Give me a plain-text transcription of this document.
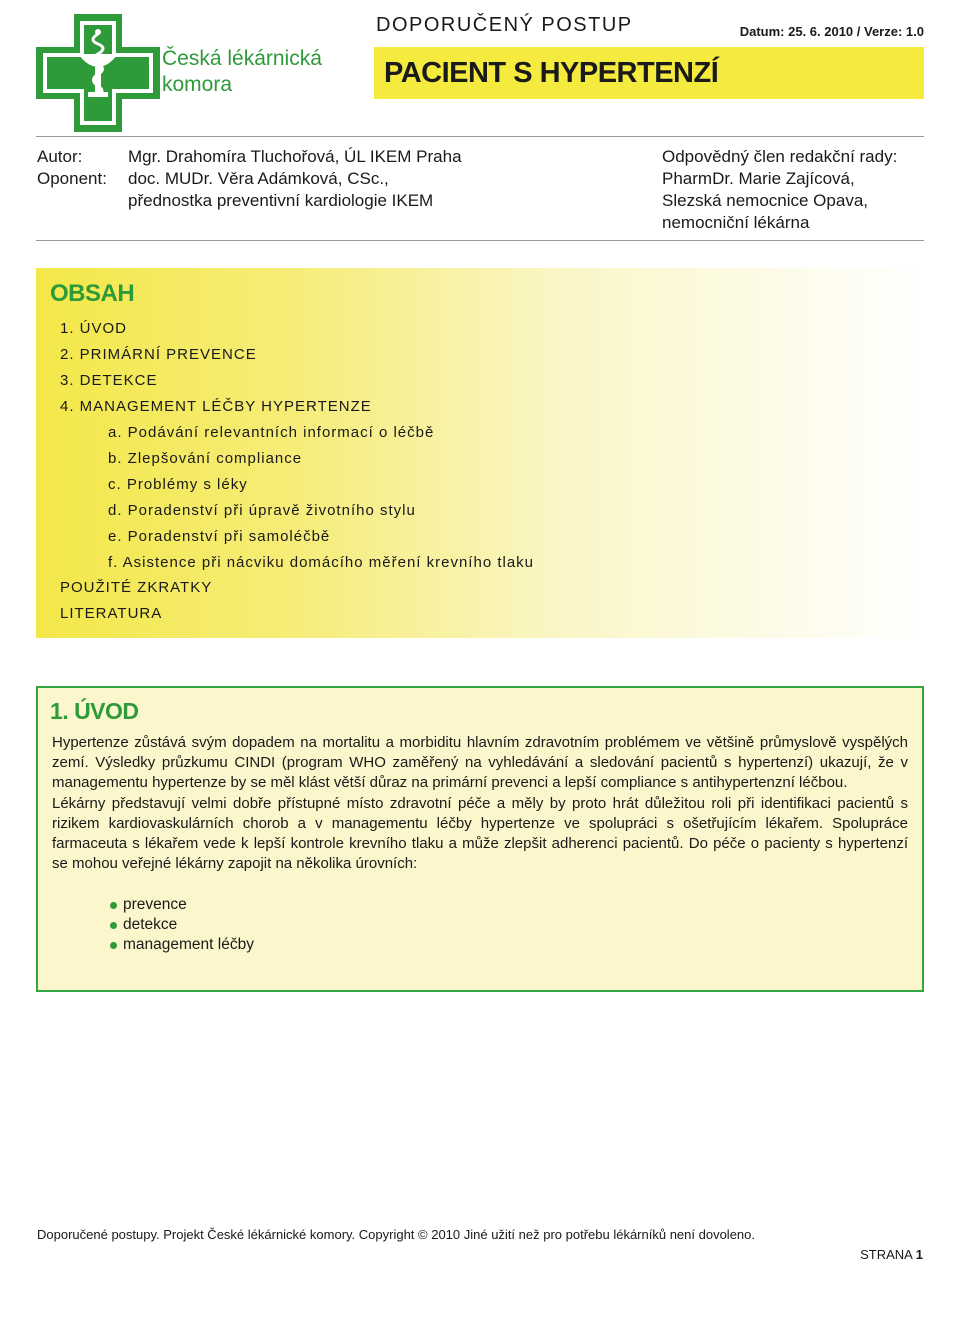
Česká lékárnická
komora
DOPORUČENÝ POSTUP	Datum: 25. 6. 2010 / Verze: 1.0
PACIENT S HYPERTENZÍ
Autor:
Oponent:
Mgr. Drahomíra Tluchořová, ÚL IKEM Praha
doc. MUDr. Věra Adámková, CSc.,
přednostka preventivní kardiologie IKEM
Odpovědný člen redakční rady:
PharmDr. Marie Zajícová,
Slezská nemocnice Opava,
nemocniční lékárna
OBSAH
1. ÚVOD
2. PRIMÁRNÍ PREVENCE
3. DETEKCE
4. MANAGEMENT LÉČBY HYPERTENZE
a. Podávání relevantních informací o léčbě
b. Zlepšování compliance
c. Problémy s léky
d. Poradenství při úpravě životního stylu
e. Poradenství při samoléčbě
f. Asistence při nácviku domácího měření krevního tlaku
POUŽITÉ ZKRATKY
LITERATURA
1. ÚVOD

Hypertenze zůstává svým dopadem na mortalitu a morbiditu hlavním zdravotním problémem ve většině průmyslově vyspělých zemí. Výsledky průzkumu CINDI (program WHO zaměřený na vyhledávání a sledování pacientů s hypertenzí) ukazují, že v managementu hypertenze by se měl klást větší důraz na primární prevenci a lepší compliance s antihypertenzní léčbou.

Lékárny představují velmi dobře přístupné místo zdravotní péče a měly by proto hrát důležitou roli při identifikaci pacientů s rizikem kardiovaskulárních chorob a v managementu léčby hypertenze ve spolupráci s ošetřujícím lékařem. Spolupráce farmaceuta s lékařem vede k lepší kontrole krevního tlaku a může zlepšit adherenci pacientů. Do péče o pacienty s hypertenzí se mohou veřejné lékárny zapojit na několika úrovních:

prevence
detekce
management léčby
Doporučené postupy. Projekt České lékárnické komory. Copyright © 2010 Jiné užití než pro potřebu lékárníků není dovoleno.
STRANA 1
